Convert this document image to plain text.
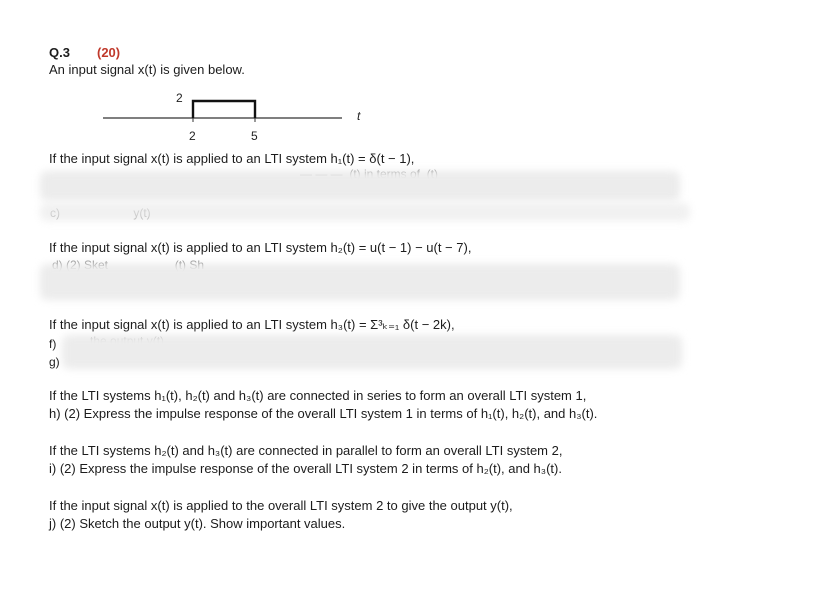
Q.3 (20)
An input signal x(t) is given below.
2
t
2	5
If the input signal x(t) is applied to an LTI system h₁(t) = δ(t − 1),
If the input signal x(t) is applied to an LTI system h₂(t) = u(t − 1) − u(t − 7),
If the input signal x(t) is applied to an LTI system h₃(t) = Σ³ₖ₌₁ δ(t − 2k),
f)
g)
If the LTI systems h₁(t), h₂(t) and h₃(t) are connected in series to form an overall LTI system 1,
h) (2) Express the impulse response of the overall LTI system 1 in terms of h₁(t), h₂(t), and h₃(t).
If the LTI systems h₂(t) and h₃(t) are connected in parallel to form an overall LTI system 2,
i) (2) Express the impulse response of the overall LTI system 2 in terms of h₂(t), and h₃(t).
If the input signal x(t) is applied to the overall LTI system 2 to give the output y(t),
j) (2) Sketch the output y(t). Show important values.
